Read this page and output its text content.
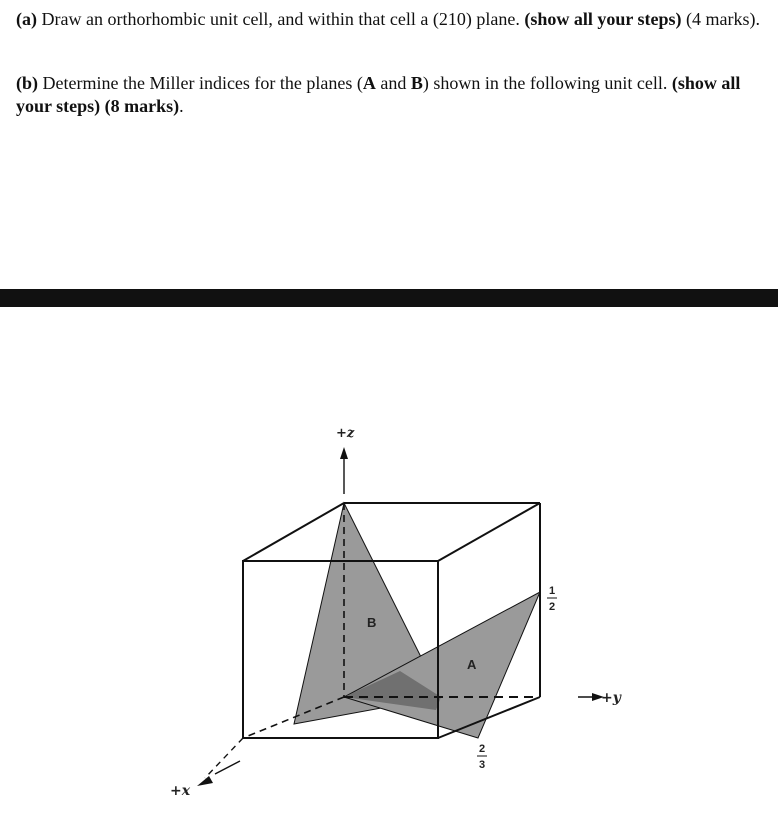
(a) Draw an orthorhombic unit cell, and within that cell a (210) plane. (show all your steps) (4 marks).

(b) Determine the Miller indices for the planes (A and B) shown in the following unit cell. (show all your steps) (8 marks).

+z
+y
+x
B
A
1
2
2
3
